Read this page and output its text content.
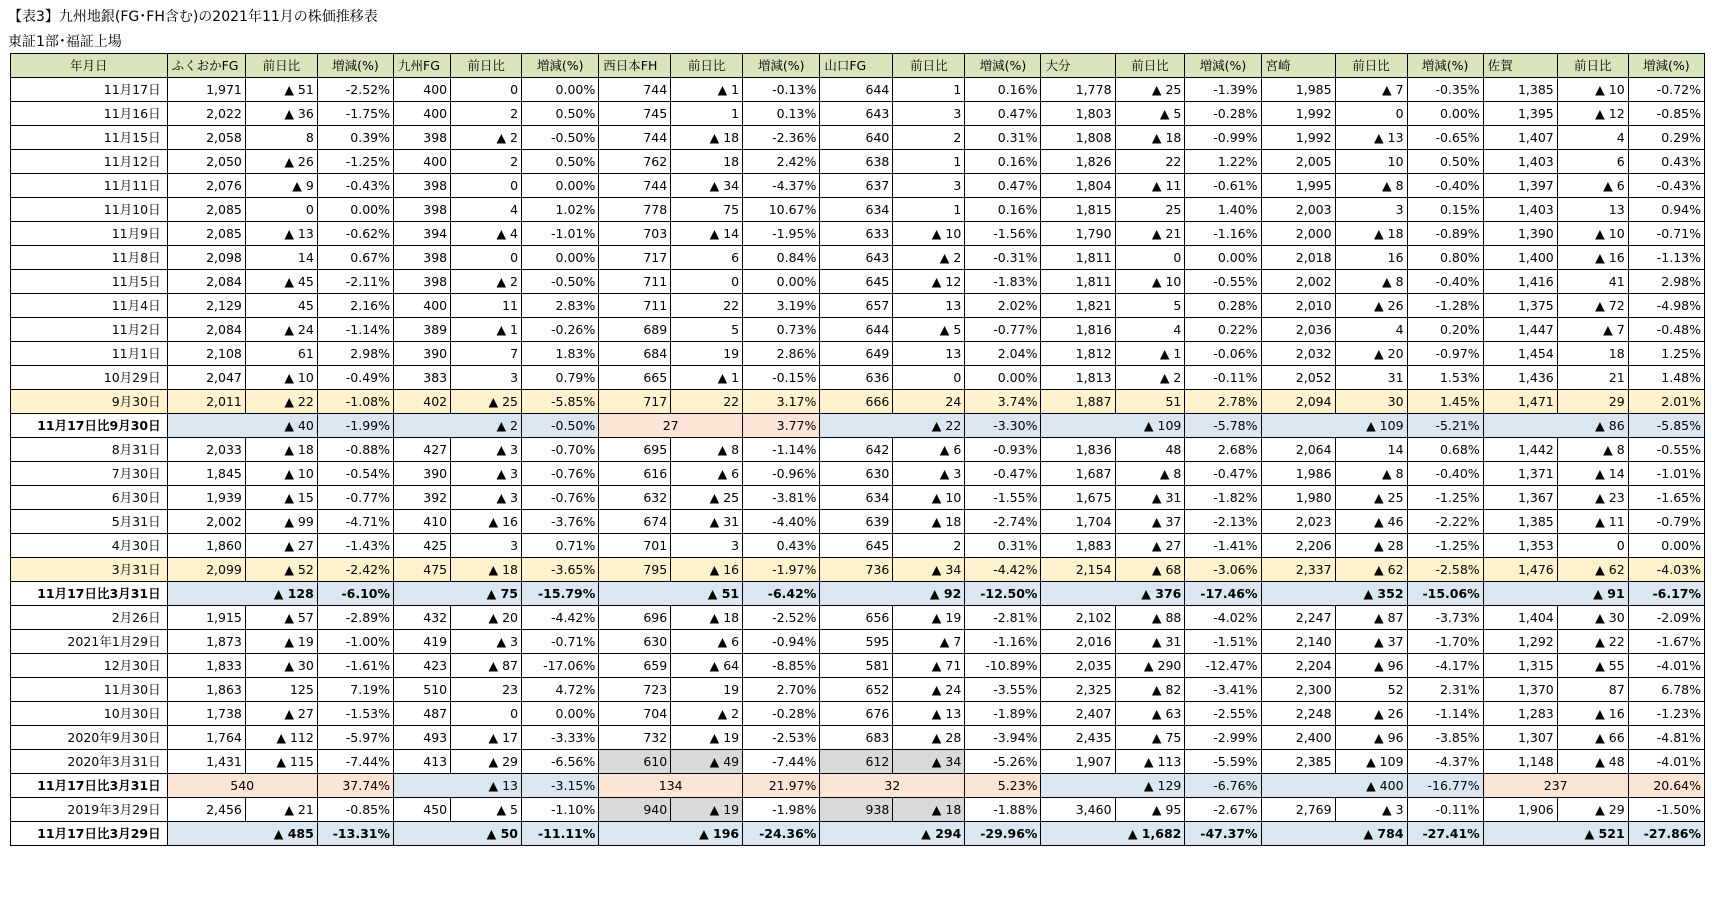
【表3】九州地銀(FG･FH含む)の2021年11月の株価推移表
東証1部･福証上場
年月日	ふくおかFG	前日比	増減(%)	九州FG	前日比	増減(%)	西日本FH	前日比	増減(%)	山口FG	前日比	増減(%)	大分	前日比	増減(%)	宮崎	前日比	増減(%)	佐賀	前日比	増減(%)
11月17日	1,971	▲ 51	-2.52%	400	0	0.00%	744	▲ 1	-0.13%	644	1	0.16%	1,778	▲ 25	-1.39%	1,985	▲ 7	-0.35%	1,385	▲ 10	-0.72%
11月16日	2,022	▲ 36	-1.75%	400	2	0.50%	745	1	0.13%	643	3	0.47%	1,803	▲ 5	-0.28%	1,992	0	0.00%	1,395	▲ 12	-0.85%
11月15日	2,058	8	0.39%	398	▲ 2	-0.50%	744	▲ 18	-2.36%	640	2	0.31%	1,808	▲ 18	-0.99%	1,992	▲ 13	-0.65%	1,407	4	0.29%
11月12日	2,050	▲ 26	-1.25%	400	2	0.50%	762	18	2.42%	638	1	0.16%	1,826	22	1.22%	2,005	10	0.50%	1,403	6	0.43%
11月11日	2,076	▲ 9	-0.43%	398	0	0.00%	744	▲ 34	-4.37%	637	3	0.47%	1,804	▲ 11	-0.61%	1,995	▲ 8	-0.40%	1,397	▲ 6	-0.43%
11月10日	2,085	0	0.00%	398	4	1.02%	778	75	10.67%	634	1	0.16%	1,815	25	1.40%	2,003	3	0.15%	1,403	13	0.94%
11月9日	2,085	▲ 13	-0.62%	394	▲ 4	-1.01%	703	▲ 14	-1.95%	633	▲ 10	-1.56%	1,790	▲ 21	-1.16%	2,000	▲ 18	-0.89%	1,390	▲ 10	-0.71%
11月8日	2,098	14	0.67%	398	0	0.00%	717	6	0.84%	643	▲ 2	-0.31%	1,811	0	0.00%	2,018	16	0.80%	1,400	▲ 16	-1.13%
11月5日	2,084	▲ 45	-2.11%	398	▲ 2	-0.50%	711	0	0.00%	645	▲ 12	-1.83%	1,811	▲ 10	-0.55%	2,002	▲ 8	-0.40%	1,416	41	2.98%
11月4日	2,129	45	2.16%	400	11	2.83%	711	22	3.19%	657	13	2.02%	1,821	5	0.28%	2,010	▲ 26	-1.28%	1,375	▲ 72	-4.98%
11月2日	2,084	▲ 24	-1.14%	389	▲ 1	-0.26%	689	5	0.73%	644	▲ 5	-0.77%	1,816	4	0.22%	2,036	4	0.20%	1,447	▲ 7	-0.48%
11月1日	2,108	61	2.98%	390	7	1.83%	684	19	2.86%	649	13	2.04%	1,812	▲ 1	-0.06%	2,032	▲ 20	-0.97%	1,454	18	1.25%
10月29日	2,047	▲ 10	-0.49%	383	3	0.79%	665	▲ 1	-0.15%	636	0	0.00%	1,813	▲ 2	-0.11%	2,052	31	1.53%	1,436	21	1.48%
9月30日	2,011	▲ 22	-1.08%	402	▲ 25	-5.85%	717	22	3.17%	666	24	3.74%	1,887	51	2.78%	2,094	30	1.45%	1,471	29	2.01%
11月17日比9月30日	▲ 40		-1.99%	▲ 2		-0.50%	27		3.77%	▲ 22		-3.30%	▲ 109		-5.78%	▲ 109		-5.21%	▲ 86		-5.85%
8月31日	2,033	▲ 18	-0.88%	427	▲ 3	-0.70%	695	▲ 8	-1.14%	642	▲ 6	-0.93%	1,836	48	2.68%	2,064	14	0.68%	1,442	▲ 8	-0.55%
7月30日	1,845	▲ 10	-0.54%	390	▲ 3	-0.76%	616	▲ 6	-0.96%	630	▲ 3	-0.47%	1,687	▲ 8	-0.47%	1,986	▲ 8	-0.40%	1,371	▲ 14	-1.01%
6月30日	1,939	▲ 15	-0.77%	392	▲ 3	-0.76%	632	▲ 25	-3.81%	634	▲ 10	-1.55%	1,675	▲ 31	-1.82%	1,980	▲ 25	-1.25%	1,367	▲ 23	-1.65%
5月31日	2,002	▲ 99	-4.71%	410	▲ 16	-3.76%	674	▲ 31	-4.40%	639	▲ 18	-2.74%	1,704	▲ 37	-2.13%	2,023	▲ 46	-2.22%	1,385	▲ 11	-0.79%
4月30日	1,860	▲ 27	-1.43%	425	3	0.71%	701	3	0.43%	645	2	0.31%	1,883	▲ 27	-1.41%	2,206	▲ 28	-1.25%	1,353	0	0.00%
3月31日	2,099	▲ 52	-2.42%	475	▲ 18	-3.65%	795	▲ 16	-1.97%	736	▲ 34	-4.42%	2,154	▲ 68	-3.06%	2,337	▲ 62	-2.58%	1,476	▲ 62	-4.03%
11月17日比3月31日	▲ 128		-6.10%	▲ 75		-15.79%	▲ 51		-6.42%	▲ 92		-12.50%	▲ 376		-17.46%	▲ 352		-15.06%	▲ 91		-6.17%
2月26日	1,915	▲ 57	-2.89%	432	▲ 20	-4.42%	696	▲ 18	-2.52%	656	▲ 19	-2.81%	2,102	▲ 88	-4.02%	2,247	▲ 87	-3.73%	1,404	▲ 30	-2.09%
2021年1月29日	1,873	▲ 19	-1.00%	419	▲ 3	-0.71%	630	▲ 6	-0.94%	595	▲ 7	-1.16%	2,016	▲ 31	-1.51%	2,140	▲ 37	-1.70%	1,292	▲ 22	-1.67%
12月30日	1,833	▲ 30	-1.61%	423	▲ 87	-17.06%	659	▲ 64	-8.85%	581	▲ 71	-10.89%	2,035	▲ 290	-12.47%	2,204	▲ 96	-4.17%	1,315	▲ 55	-4.01%
11月30日	1,863	125	7.19%	510	23	4.72%	723	19	2.70%	652	▲ 24	-3.55%	2,325	▲ 82	-3.41%	2,300	52	2.31%	1,370	87	6.78%
10月30日	1,738	▲ 27	-1.53%	487	0	0.00%	704	▲ 2	-0.28%	676	▲ 13	-1.89%	2,407	▲ 63	-2.55%	2,248	▲ 26	-1.14%	1,283	▲ 16	-1.23%
2020年9月30日	1,764	▲ 112	-5.97%	493	▲ 17	-3.33%	732	▲ 19	-2.53%	683	▲ 28	-3.94%	2,435	▲ 75	-2.99%	2,400	▲ 96	-3.85%	1,307	▲ 66	-4.81%
2020年3月31日	1,431	▲ 115	-7.44%	413	▲ 29	-6.56%	610	▲ 49	-7.44%	612	▲ 34	-5.26%	1,907	▲ 113	-5.59%	2,385	▲ 109	-4.37%	1,148	▲ 48	-4.01%
11月17日比3月31日	540		37.74%	▲ 13		-3.15%	134		21.97%	32		5.23%	▲ 129		-6.76%	▲ 400		-16.77%	237		20.64%
2019年3月29日	2,456	▲ 21	-0.85%	450	▲ 5	-1.10%	940	▲ 19	-1.98%	938	▲ 18	-1.88%	3,460	▲ 95	-2.67%	2,769	▲ 3	-0.11%	1,906	▲ 29	-1.50%
11月17日比3月29日	▲ 485		-13.31%	▲ 50		-11.11%	▲ 196		-24.36%	▲ 294		-29.96%	▲ 1,682		-47.37%	▲ 784		-27.41%	▲ 521		-27.86%
